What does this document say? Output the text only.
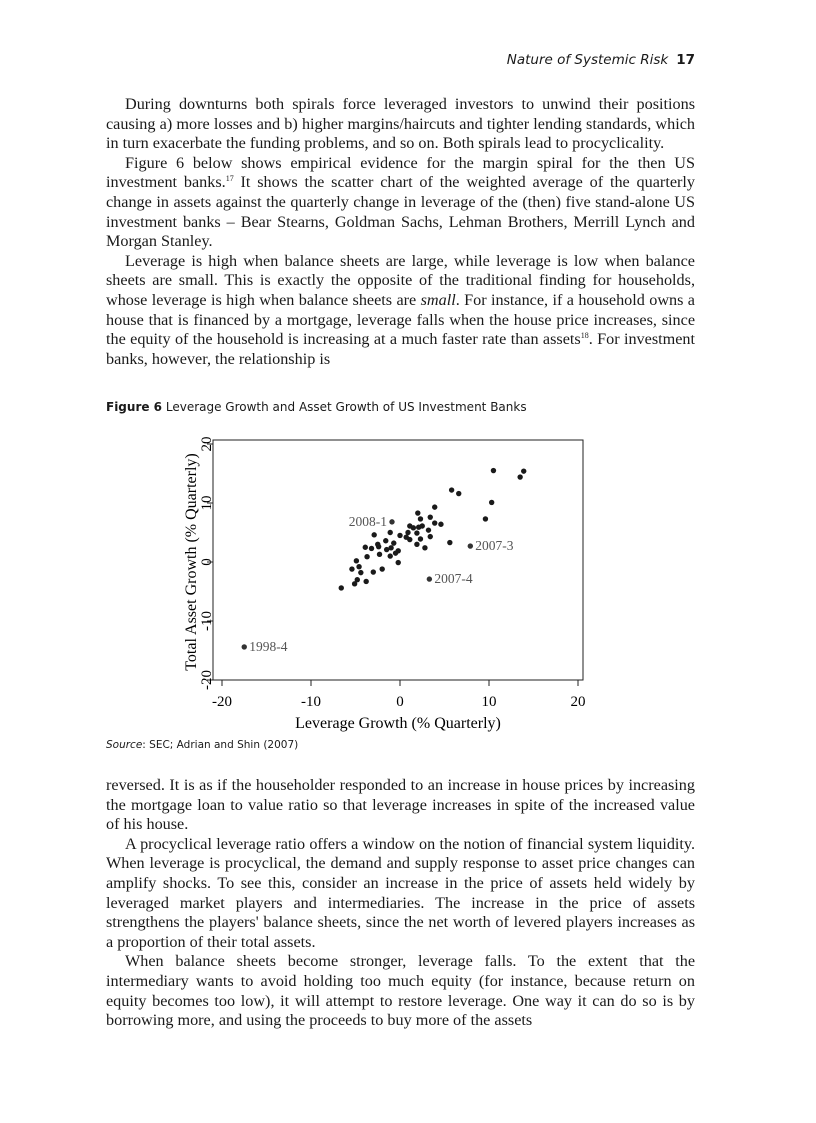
Nature of Systemic Risk 17

During downturns both spirals force leveraged investors to unwind their positions causing a) more losses and b) higher margins/haircuts and tighter lending standards, which in turn exacerbate the funding problems, and so on. Both spirals lead to procyclicality.

Figure 6 below shows empirical evidence for the margin spiral for the then US investment banks.$^{17}$ It shows the scatter chart of the weighted average of the quarterly change in assets against the quarterly change in leverage of the (then) five stand-alone US investment banks – Bear Stearns, Goldman Sachs, Lehman Brothers, Merrill Lynch and Morgan Stanley.

Leverage is high when balance sheets are large, while leverage is low when balance sheets are small. This is exactly the opposite of the traditional finding for households, whose leverage is high when balance sheets are small. For instance, if a household owns a house that is financed by a mortgage, leverage falls when the house price increases, since the equity of the household is increasing at a much faster rate than assets$^{18}$. For investment banks, however, the relationship is

Figure 6 Leverage Growth and Asset Growth of US Investment Banks
-20	-10	0	10	20
-20
-10
0
10
20
2008-1
2007-3
2007-4
1998-4
Leverage Growth (% Quarterly)
Total Asset Growth (% Quarterly)
Source: SEC; Adrian and Shin (2007)

reversed. It is as if the householder responded to an increase in house prices by increasing the mortgage loan to value ratio so that leverage increases in spite of the increased value of his house.

A procyclical leverage ratio offers a window on the notion of financial system liquidity. When leverage is procyclical, the demand and supply response to asset price changes can amplify shocks. To see this, consider an increase in the price of assets held widely by leveraged market players and intermediaries. The increase in the price of assets strengthens the players' balance sheets, since the net worth of levered players increases as a proportion of their total assets.

When balance sheets become stronger, leverage falls. To the extent that the intermediary wants to avoid holding too much equity (for instance, because return on equity becomes too low), it will attempt to restore leverage. One way it can do so is by borrowing more, and using the proceeds to buy more of the assets
